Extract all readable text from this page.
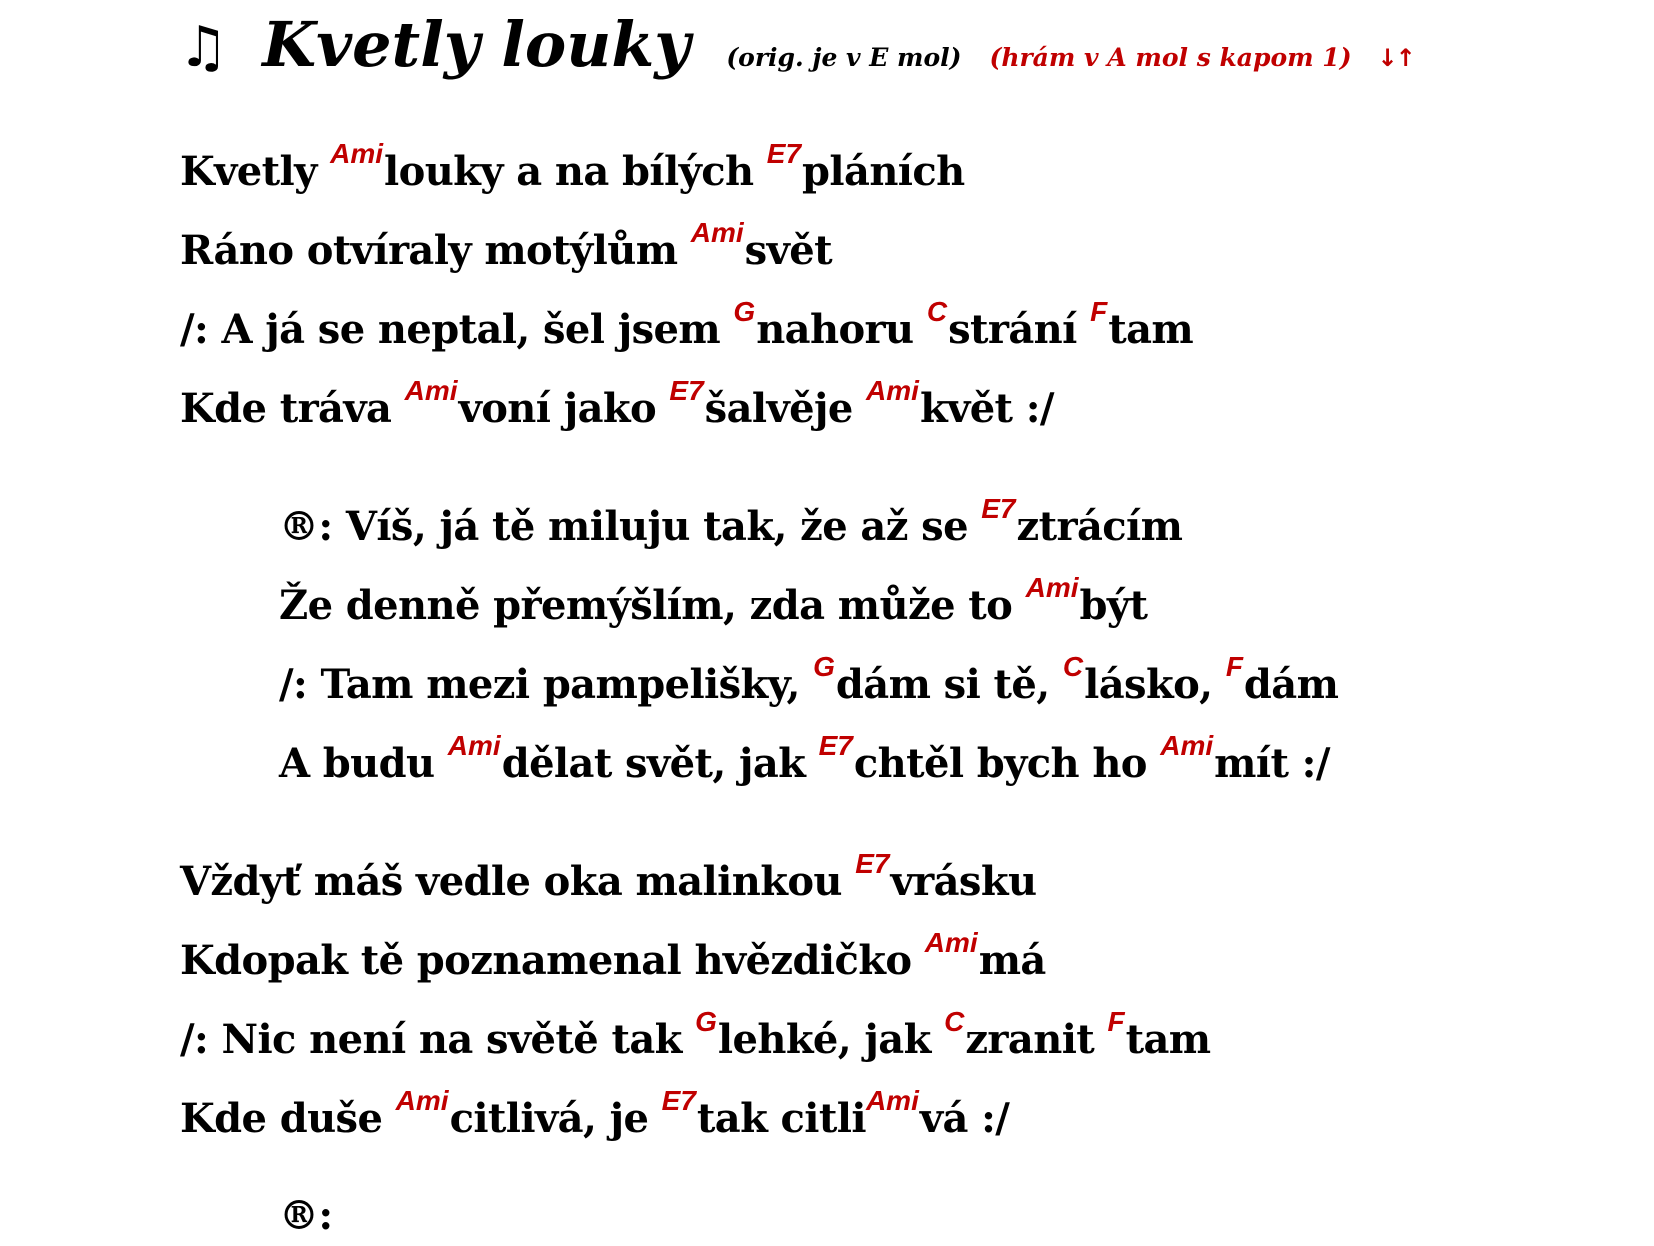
♫ Kvetly louky (orig. je v E mol) (hrám v A mol s kapom 1) ↓↑
Kvetly $^{Ami}$louky a na bílých $^{E7}$pláních
Ráno otvíraly motýlům $^{Ami}$svět
/: A já se neptal, šel jsem $^G$nahoru $^C$strání $^F$tam
Kde tráva $^{Ami}$voní jako $^{E7}$šalvěje $^{Ami}$květ :/
®: Víš, já tě miluju tak, že až se $^{E7}$ztrácím
Že denně přemýšlím, zda může to $^{Ami}$být
/: Tam mezi pampelišky, $^G$dám si tě, $^C$lásko, $^F$dám
A budu $^{Ami}$dělat svět, jak $^{E7}$chtěl bych ho $^{Ami}$mít :/
Vždyť máš vedle oka malinkou $^{E7}$vrásku
Kdopak tě poznamenal hvězdičko $^{Ami}$má
/: Nic není na světě tak $^G$lehké, jak $^C$zranit $^F$tam
Kde duše $^{Ami}$citlivá, je $^{E7}$tak citli$^{Ami}$vá :/
®:
